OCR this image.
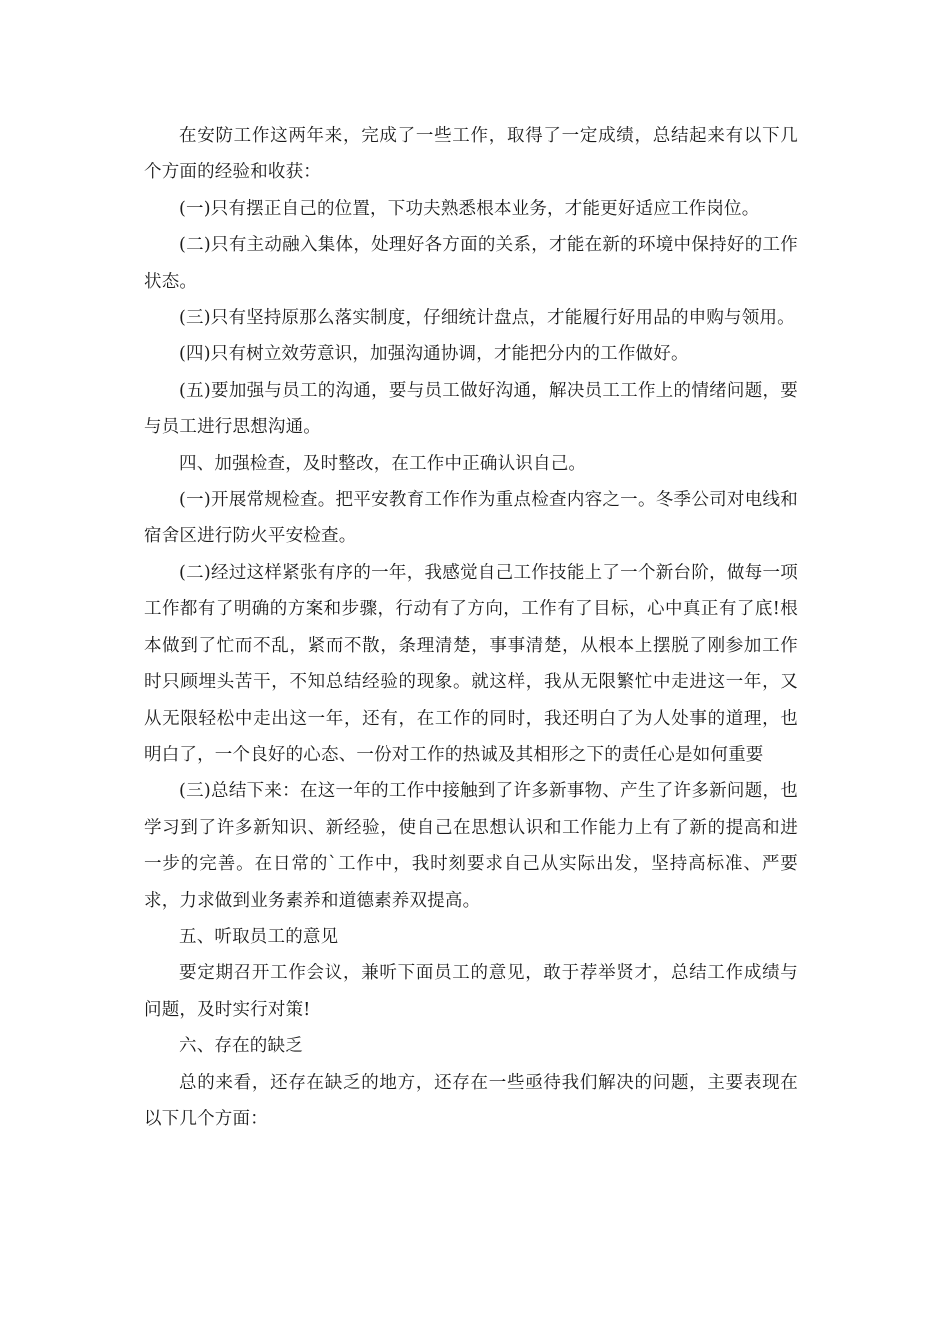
在安防工作这两年来，完成了一些工作，取得了一定成绩，总结起来有以下几个方面的经验和收获：

(一)只有摆正自己的位置，下功夫熟悉根本业务，才能更好适应工作岗位。

(二)只有主动融入集体，处理好各方面的关系，才能在新的环境中保持好的工作状态。

(三)只有坚持原那么落实制度，仔细统计盘点，才能履行好用品的申购与领用。

(四)只有树立效劳意识，加强沟通协调，才能把分内的工作做好。

(五)要加强与员工的沟通，要与员工做好沟通，解决员工工作上的情绪问题，要与员工进行思想沟通。

四、加强检查，及时整改，在工作中正确认识自己。

(一)开展常规检查。把平安教育工作作为重点检查内容之一。冬季公司对电线和宿舍区进行防火平安检查。

(二)经过这样紧张有序的一年，我感觉自己工作技能上了一个新台阶，做每一项工作都有了明确的方案和步骤，行动有了方向，工作有了目标，心中真正有了底!根本做到了忙而不乱，紧而不散，条理清楚，事事清楚，从根本上摆脱了刚参加工作时只顾埋头苦干，不知总结经验的现象。就这样，我从无限繁忙中走进这一年，又从无限轻松中走出这一年，还有，在工作的同时，我还明白了为人处事的道理，也明白了，一个良好的心态、一份对工作的热诚及其相形之下的责任心是如何重要

(三)总结下来：在这一年的工作中接触到了许多新事物、产生了许多新问题，也学习到了许多新知识、新经验，使自己在思想认识和工作能力上有了新的提高和进一步的完善。在日常的`工作中，我时刻要求自己从实际出发，坚持高标准、严要求，力求做到业务素养和道德素养双提高。

五、听取员工的意见

要定期召开工作会议，兼听下面员工的意见，敢于荐举贤才，总结工作成绩与问题，及时实行对策!

六、存在的缺乏

总的来看，还存在缺乏的地方，还存在一些亟待我们解决的问题，主要表现在以下几个方面：
